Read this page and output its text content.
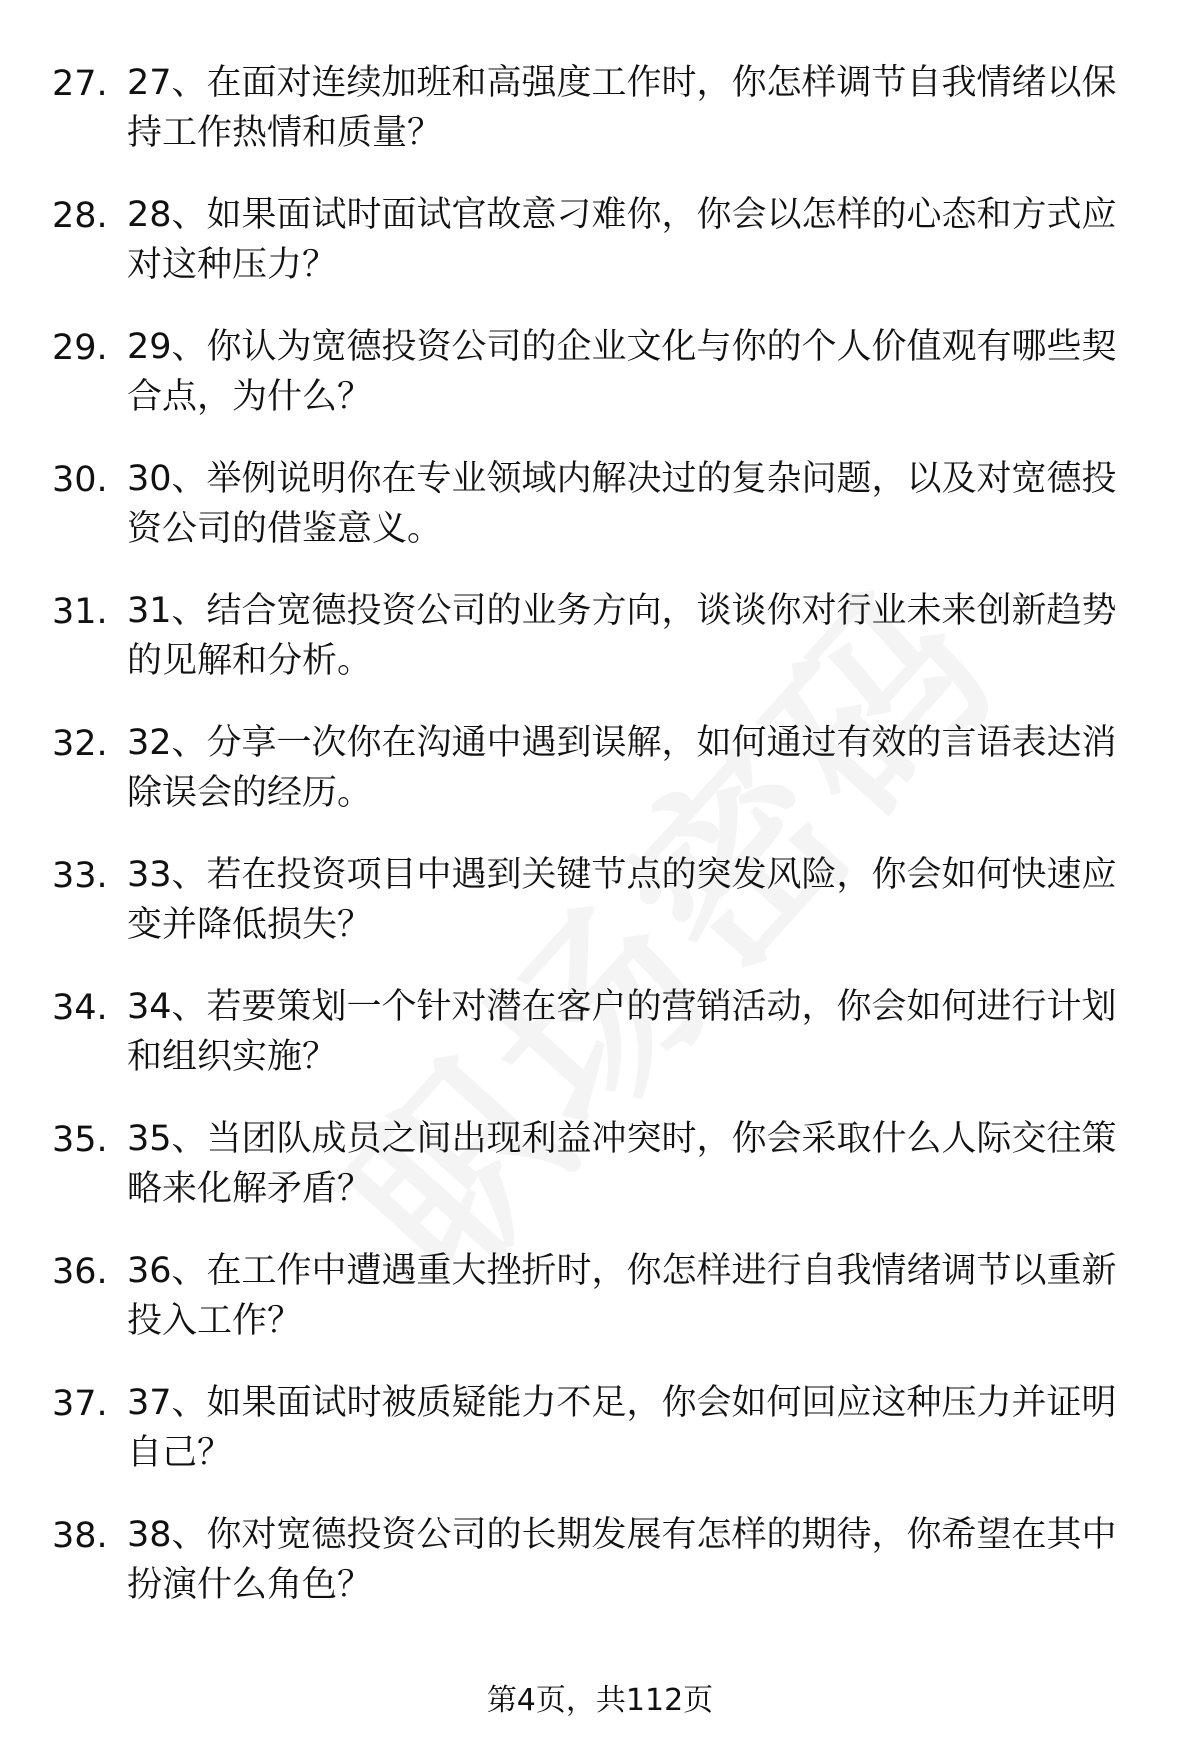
27. 27、在面对连续加班和高强度工作时，你怎样调节自我情绪以保持工作热情和质量？
28. 28、如果面试时面试官故意刁难你，你会以怎样的心态和方式应对这种压力？
29. 29、你认为宽德投资公司的企业文化与你的个人价值观有哪些契合点，为什么？
30. 30、举例说明你在专业领域内解决过的复杂问题，以及对宽德投资公司的借鉴意义。
31. 31、结合宽德投资公司的业务方向，谈谈你对行业未来创新趋势的见解和分析。
32. 32、分享一次你在沟通中遇到误解，如何通过有效的言语表达消除误会的经历。
33. 33、若在投资项目中遇到关键节点的突发风险，你会如何快速应变并降低损失？
34. 34、若要策划一个针对潜在客户的营销活动，你会如何进行计划和组织实施？
35. 35、当团队成员之间出现利益冲突时，你会采取什么人际交往策略来化解矛盾？
36. 36、在工作中遭遇重大挫折时，你怎样进行自我情绪调节以重新投入工作？
37. 37、如果面试时被质疑能力不足，你会如何回应这种压力并证明自己？
38. 38、你对宽德投资公司的长期发展有怎样的期待，你希望在其中扮演什么角色？
第4页，共112页
